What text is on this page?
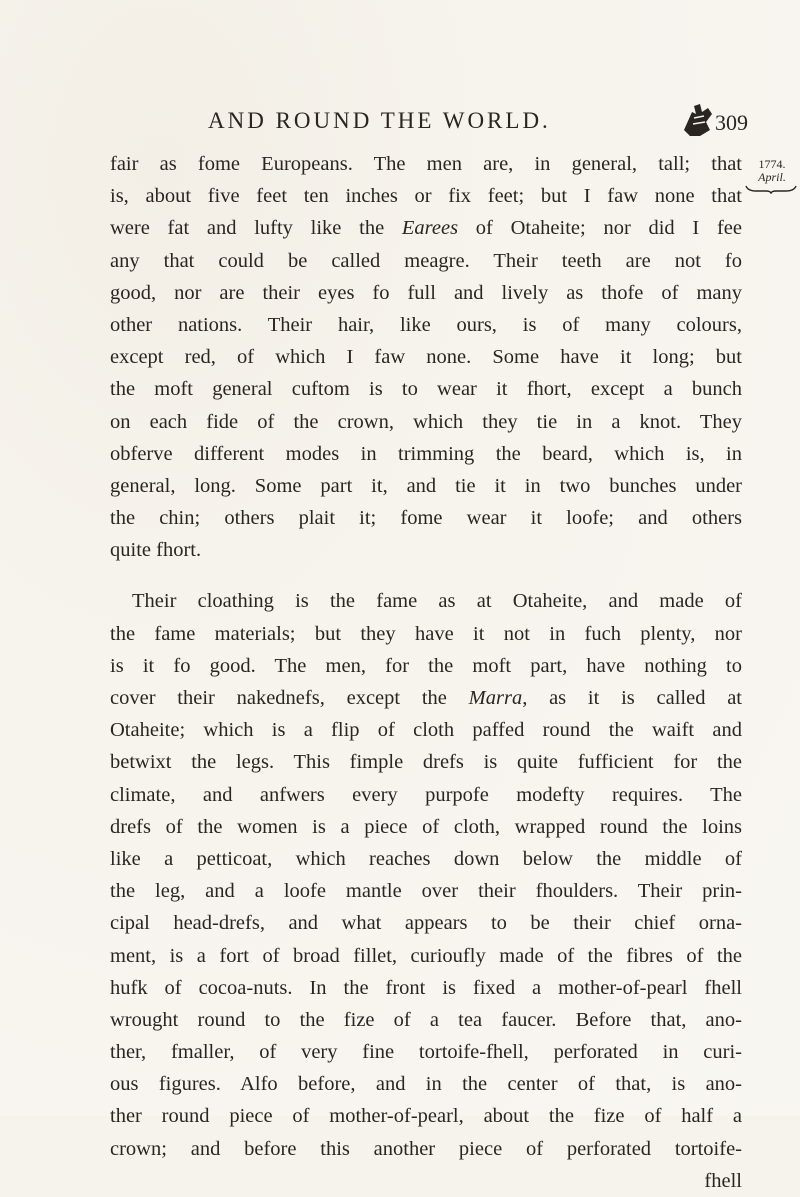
AND ROUND THE WORLD.	309
1774.
April.
fair as fome Europeans. The men are, in general, tall; that
is, about five feet ten inches or fix feet; but I faw none that
were fat and lufty like the Earees of Otaheite; nor did I fee
any that could be called meagre. Their teeth are not fo
good, nor are their eyes fo full and lively as thofe of many
other nations. Their hair, like ours, is of many colours,
except red, of which I faw none. Some have it long; but
the moft general cuftom is to wear it fhort, except a bunch
on each fide of the crown, which they tie in a knot. They
obferve different modes in trimming the beard, which is, in
general, long. Some part it, and tie it in two bunches under
the chin; others plait it; fome wear it loofe; and others
quite fhort.
Their cloathing is the fame as at Otaheite, and made of
the fame materials; but they have it not in fuch plenty, nor
is it fo good. The men, for the moft part, have nothing to
cover their nakednefs, except the Marra, as it is called at
Otaheite; which is a flip of cloth paffed round the waift and
betwixt the legs. This fimple drefs is quite fufficient for the
climate, and anfwers every purpofe modefty requires. The
drefs of the women is a piece of cloth, wrapped round the loins
like a petticoat, which reaches down below the middle of
the leg, and a loofe mantle over their fhoulders. Their prin-
cipal head-drefs, and what appears to be their chief orna-
ment, is a fort of broad fillet, curioufly made of the fibres of the
hufk of cocoa-nuts. In the front is fixed a mother-of-pearl fhell
wrought round to the fize of a tea faucer. Before that, ano-
ther, fmaller, of very fine tortoife-fhell, perforated in curi-
ous figures. Alfo before, and in the center of that, is ano-
ther round piece of mother-of-pearl, about the fize of half a
crown; and before this another piece of perforated tortoife-
fhell
